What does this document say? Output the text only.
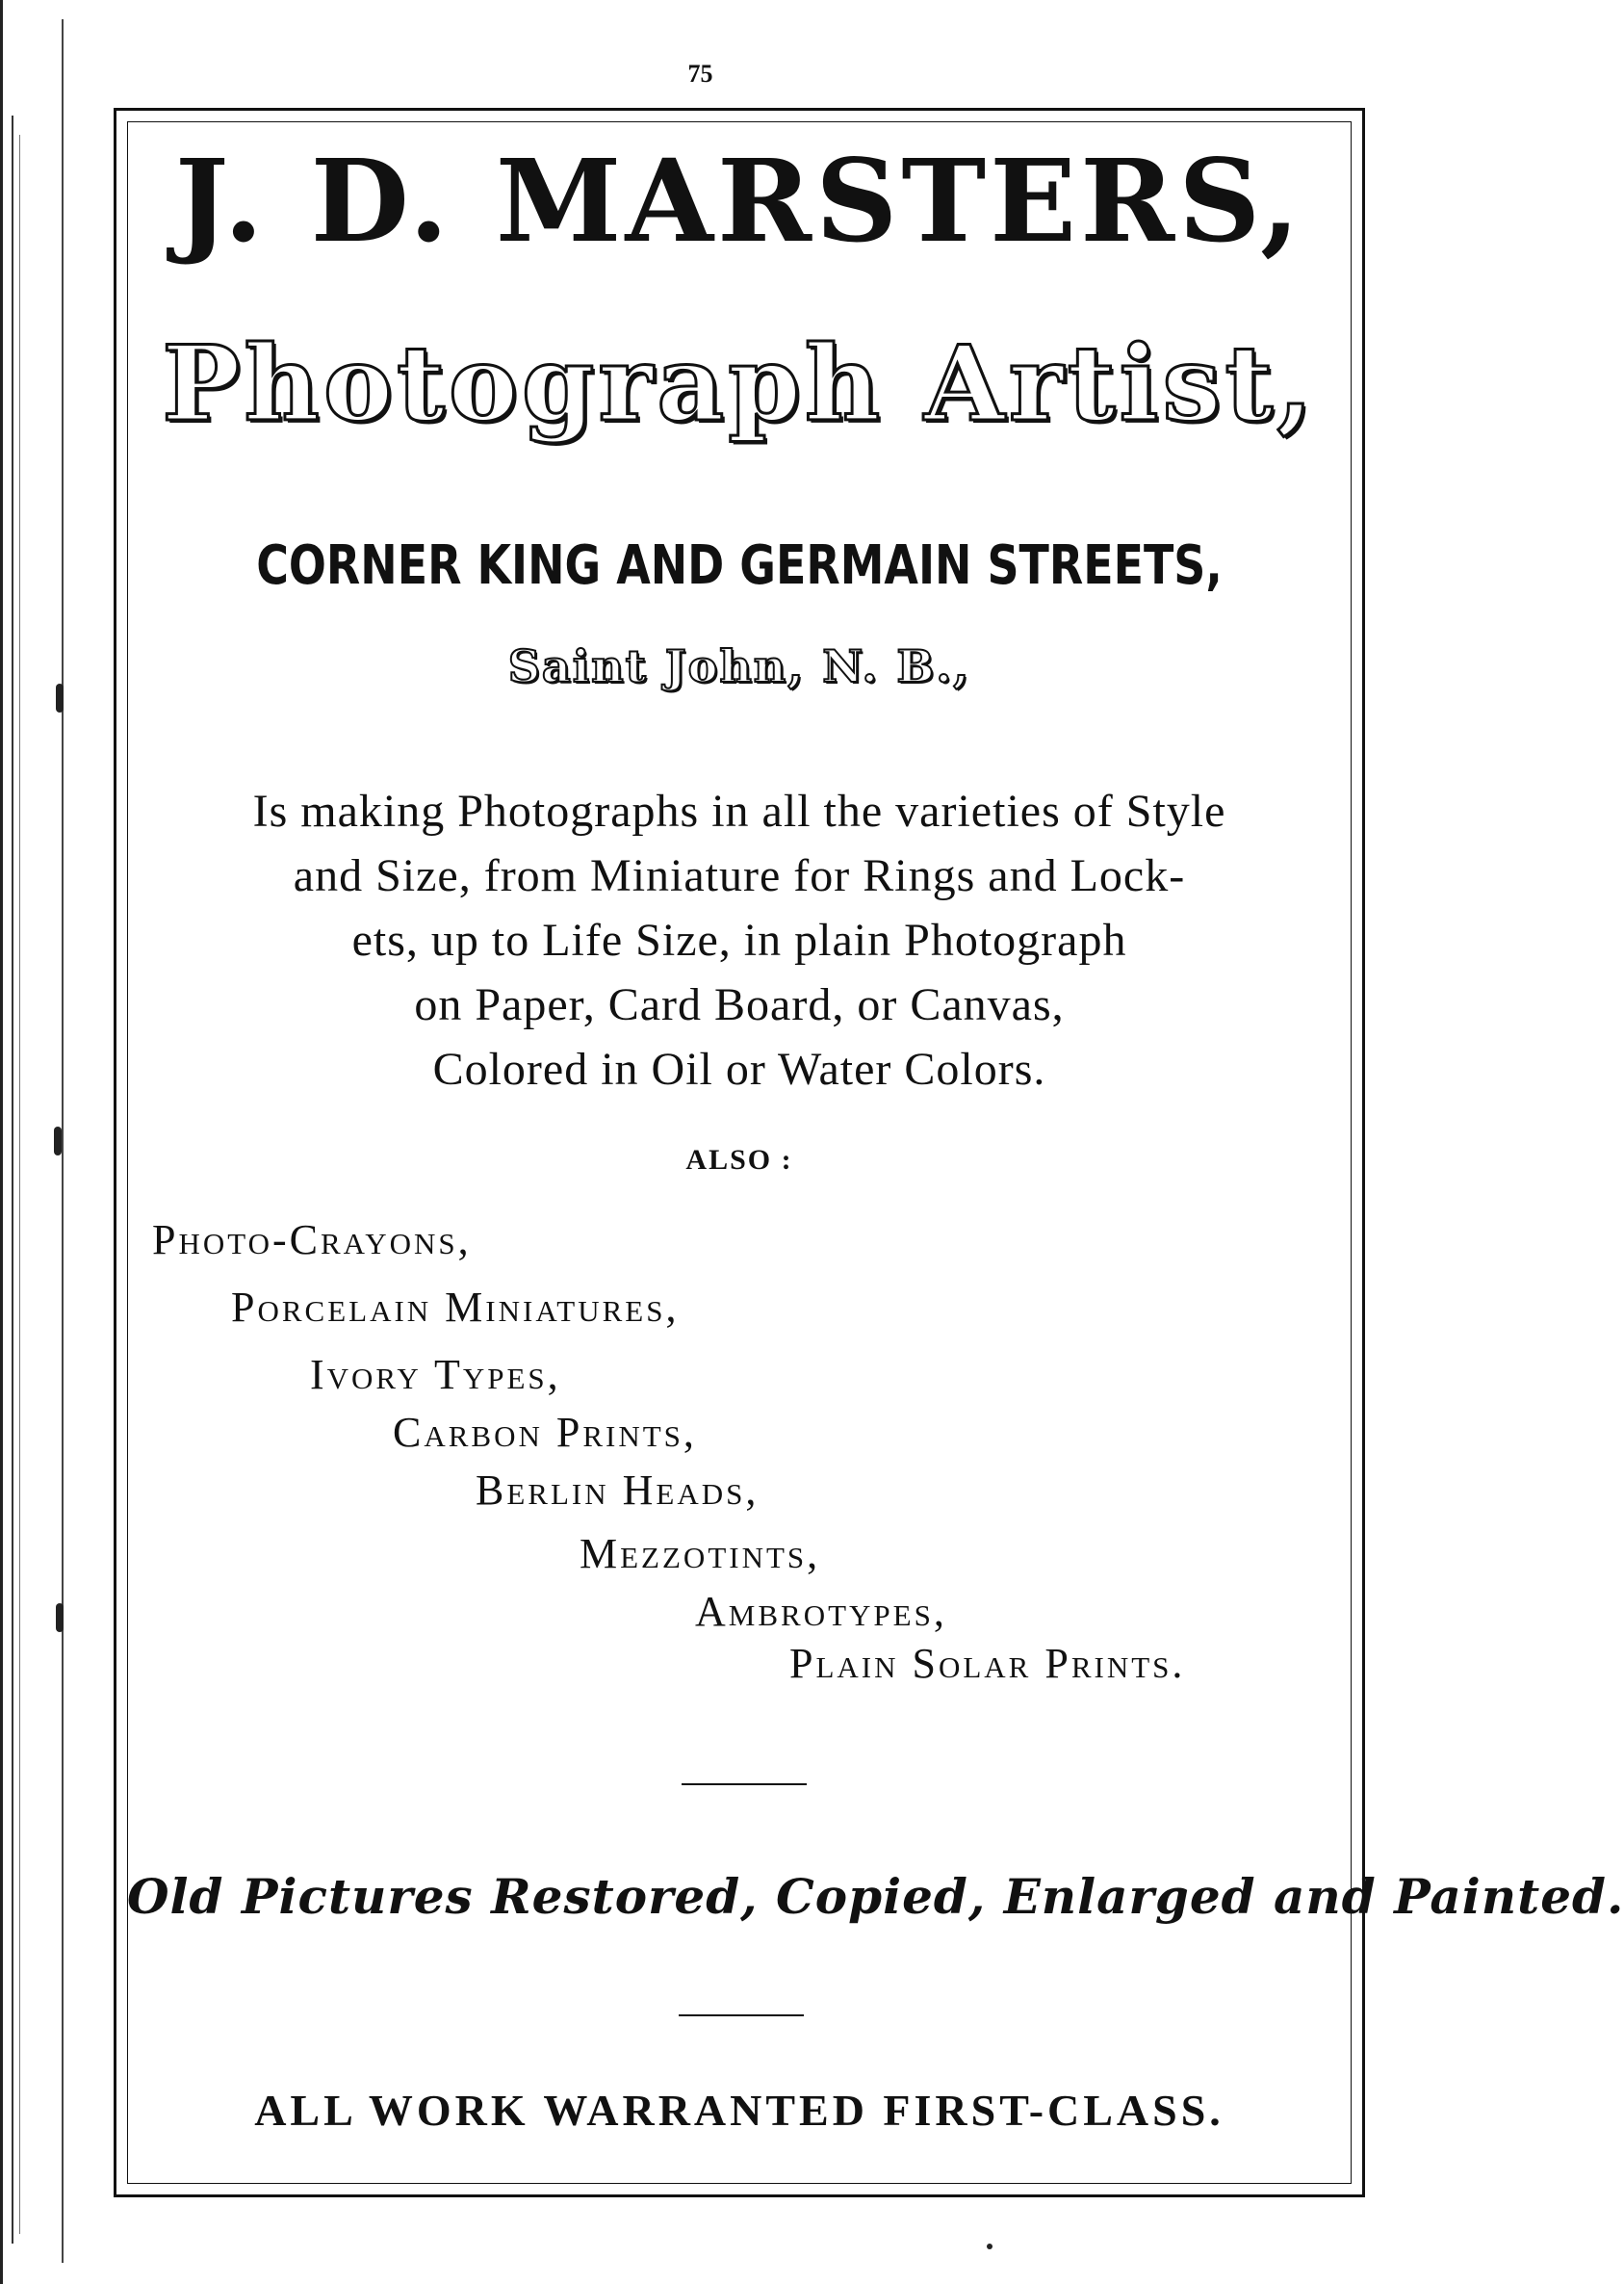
75
J. D. MARSTERS,
Photograph Artist,
CORNER KING AND GERMAIN STREETS,
Saint John, N. B.,
Is making Photographs in all the varieties of Style
and Size, from Miniature for Rings and Lock-
ets, up to Life Size, in plain Photograph
on Paper, Card Board, or Canvas,
Colored in Oil or Water Colors.
ALSO :
Photo-Crayons,
Porcelain Miniatures,
Ivory Types,
Carbon Prints,
Berlin Heads,
Mezzotints,
Ambrotypes,
Plain Solar Prints.
Old Pictures Restored, Copied, Enlarged and Painted.
ALL WORK WARRANTED FIRST-CLASS.
